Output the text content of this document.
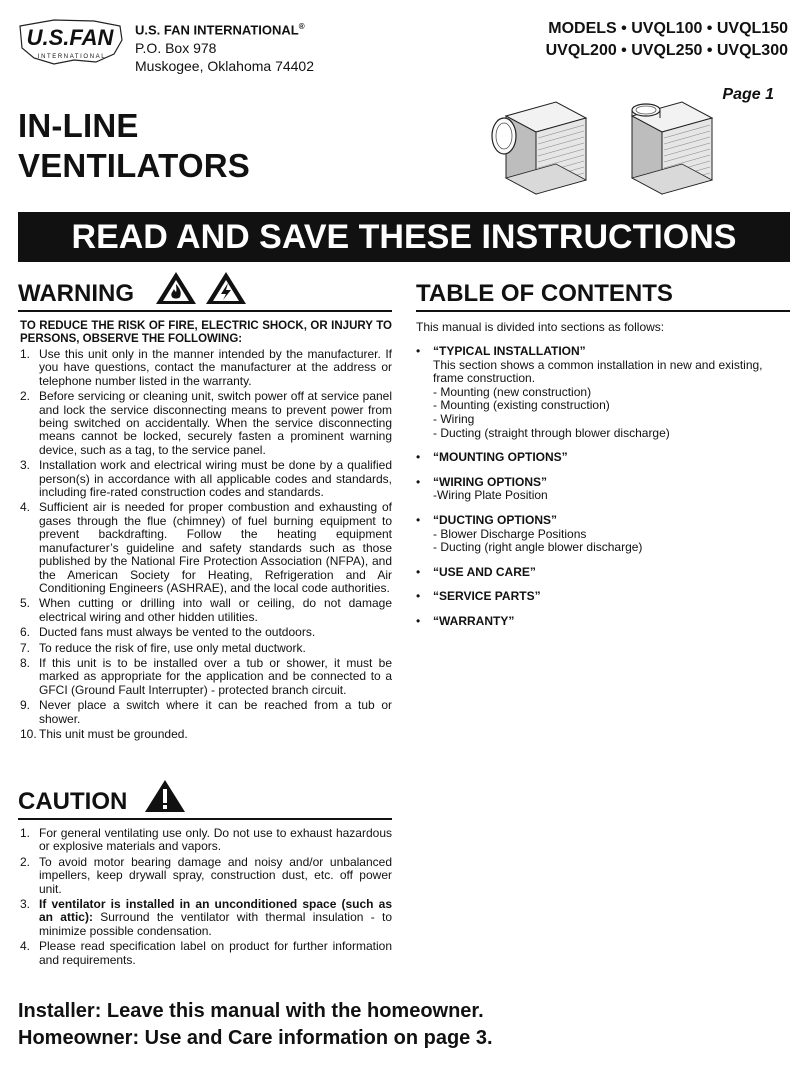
U.S.FAN
INTERNATIONAL
U.S. FAN INTERNATIONAL®
P.O. Box 978
Muskogee, Oklahoma 74402
MODELS • UVQL100 • UVQL150
UVQL200 • UVQL250 • UVQL300
Page 1
IN-LINE
VENTILATORS
READ AND SAVE THESE INSTRUCTIONS
WARNING
TO REDUCE THE RISK OF FIRE, ELECTRIC SHOCK, OR INJURY TO PERSONS, OBSERVE THE FOLLOWING:
1. Use this unit only in the manner intended by the manufacturer. If you have questions, contact the manufacturer at the address or telephone number listed in the warranty.
2. Before servicing or cleaning unit, switch power off at service panel and lock the service disconnecting means to prevent power from being switched on accidentally. When the service disconnecting means cannot be locked, securely fasten a prominent warning device, such as a tag, to the service panel.
3. Installation work and electrical wiring must be done by a qualified person(s) in accordance with all applicable codes and standards, including fire-rated construction codes and standards.
4. Sufficient air is needed for proper combustion and exhausting of gases through the flue (chimney) of fuel burning equipment to prevent backdrafting. Follow the heating equipment manufacturer’s guideline and safety standards such as those published by the National Fire Protection Association (NFPA), and the American Society for Heating, Refrigeration and Air Conditioning Engineers (ASHRAE), and the local code authorities.
5. When cutting or drilling into wall or ceiling, do not damage electrical wiring and other hidden utilities.
6. Ducted fans must always be vented to the outdoors.
7. To reduce the risk of fire, use only metal ductwork.
8. If this unit is to be installed over a tub or shower, it must be marked as appropriate for the application and be connected to a GFCI (Ground Fault Interrupter) - protected branch circuit.
9. Never place a switch where it can be reached from a tub or shower.
10. This unit must be grounded.
CAUTION
1. For general ventilating use only. Do not use to exhaust hazardous or explosive materials and vapors.
2. To avoid motor bearing damage and noisy and/or unbalanced impellers, keep drywall spray, construction dust, etc. off power unit.
3. If ventilator is installed in an unconditioned space (such as an attic): Surround the ventilator with thermal insulation - to minimize possible condensation.
4. Please read specification label on product for further information and requirements.
TABLE OF CONTENTS
This manual is divided into sections as follows:
• “TYPICAL INSTALLATION”
This section shows a common installation in new and existing, frame construction.
- Mounting (new construction)
- Mounting (existing construction)
- Wiring
- Ducting (straight through blower discharge)
• “MOUNTING OPTIONS”
• “WIRING OPTIONS”
-Wiring Plate Position
• “DUCTING OPTIONS”
- Blower Discharge Positions
- Ducting (right angle blower discharge)
• “USE AND CARE”
• “SERVICE PARTS”
• “WARRANTY”
Installer: Leave this manual with the homeowner.
Homeowner: Use and Care information on page 3.
